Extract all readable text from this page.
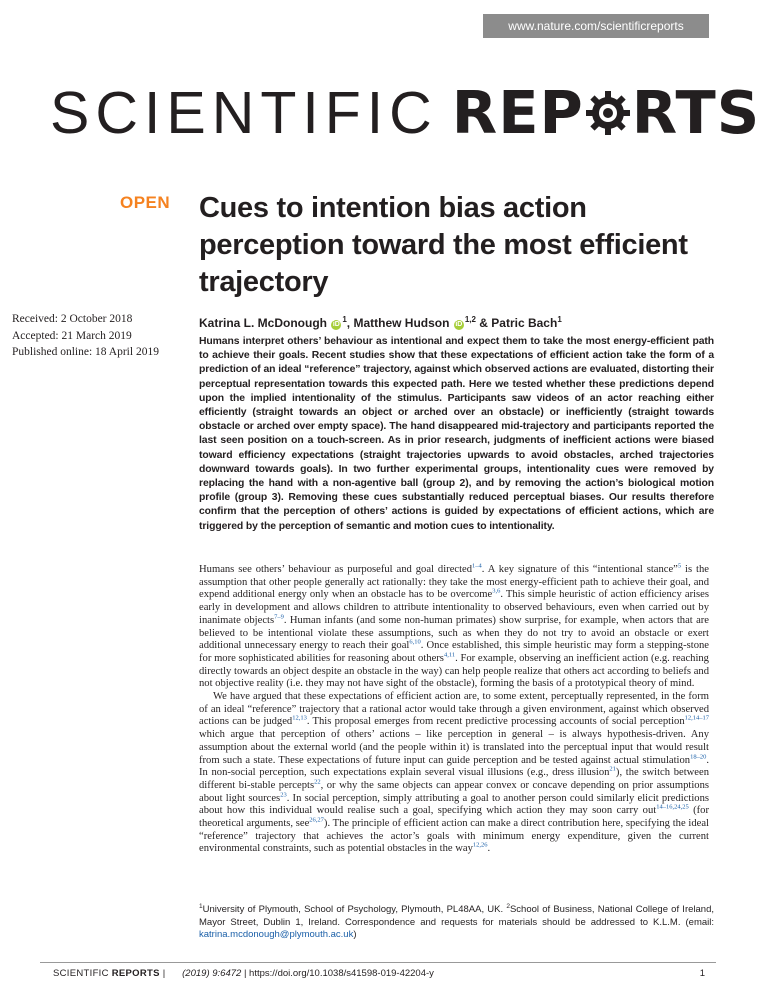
www.nature.com/scientificreports
SCIENTIFIC REP RTS
OPEN Cues to intention bias action perception toward the most efficient trajectory
Received: 2 October 2018
Accepted: 21 March 2019
Published online: 18 April 2019
Katrina L. McDonough $iD^1$, Matthew Hudson iD$^{1,2}$ & Patric Bach$^1$
Humans interpret others’ behaviour as intentional and expect them to take the most energy-efficient path to achieve their goals. Recent studies show that these expectations of efficient action take the form of a prediction of an ideal “reference” trajectory, against which observed actions are evaluated, distorting their perceptual representation towards this expected path. Here we tested whether these predictions depend upon the implied intentionality of the stimulus. Participants saw videos of an actor reaching either efficiently (straight towards an object or arched over an obstacle) or inefficiently (straight towards obstacle or arched over empty space). The hand disappeared mid-trajectory and participants reported the last seen position on a touch-screen. As in prior research, judgments of inefficient actions were biased toward efficiency expectations (straight trajectories upwards to avoid obstacles, arched trajectories downward towards goals). In two further experimental groups, intentionality cues were removed by replacing the hand with a non-agentive ball (group 2), and by removing the action’s biological motion profile (group 3). Removing these cues substantially reduced perceptual biases. Our results therefore confirm that the perception of others’ actions is guided by expectations of efficient actions, which are triggered by the perception of semantic and motion cues to intentionality.

Humans see others’ behaviour as purposeful and goal directed$^{1-4}$. A key signature of this “intentional stance”$^5$ is the assumption that other people generally act rationally: they take the most energy-efficient path to achieve their goal, and expend additional energy only when an obstacle has to be overcome$^{3,6}$. This simple heuristic of action efficiency arises early in development and allows children to attribute intentionality to observed behaviours, even when carried out by inanimate objects$^{7-9}$. Human infants (and some non-human primates) show surprise, for example, when actors that are believed to be intentional violate these assumptions, such as when they do not try to avoid an obstacle or exert additional unnecessary energy to reach their goal$^{6,10}$. Once established, this simple heuristic may form a stepping-stone for more sophisticated abilities for reasoning about others$^{4,11}$. For example, observing an inefficient action (e.g. reaching directly towards an object despite an obstacle in the way) can help people realize that others act according to beliefs and not objective reality (i.e. they may not have sight of the obstacle), forming the basis of a prototypical theory of mind.

We have argued that these expectations of efficient action are, to some extent, perceptually represented, in the form of an ideal “reference” trajectory that a rational actor would take through a given environment, against which observed actions can be judged$^{12,13}$. This proposal emerges from recent predictive processing accounts of social perception$^{12,14-17}$ which argue that perception of others’ actions – like perception in general – is always hypothesis-driven. Any assumption about the external world (and the people within it) is translated into the perceptual input that would result from such a state. These expectations of future input can guide perception and be tested against actual stimulation$^{18-20}$. In non-social perception, such expectations explain several visual illusions (e.g., dress illusion$^{21}$), the switch between different bi-stable percepts$^{22}$, or why the same objects can appear convex or concave depending on prior assumptions about light sources$^{23}$. In social perception, simply attributing a goal to another person could similarly elicit predictions about how this individual would realise such a goal, specifying which action they may soon carry out$^{14-16,24,25}$ (for theoretical arguments, see$^{26,27}$). The principle of efficient action can make a direct contribution here, specifying the ideal “reference” trajectory that achieves the actor’s goals with minimum energy expenditure, given the current environmental constraints, such as potential obstacles in the way$^{12,26}$.

$^1$University of Plymouth, School of Psychology, Plymouth, PL48AA, UK. $^2$School of Business, National College of Ireland, Mayor Street, Dublin 1, Ireland. Correspondence and requests for materials should be addressed to K.L.M. (email: katrina.mcdonough@plymouth.ac.uk)
SCIENTIFIC REPORTS | (2019) 9:6472 | https://doi.org/10.1038/s41598-019-42204-y	1
